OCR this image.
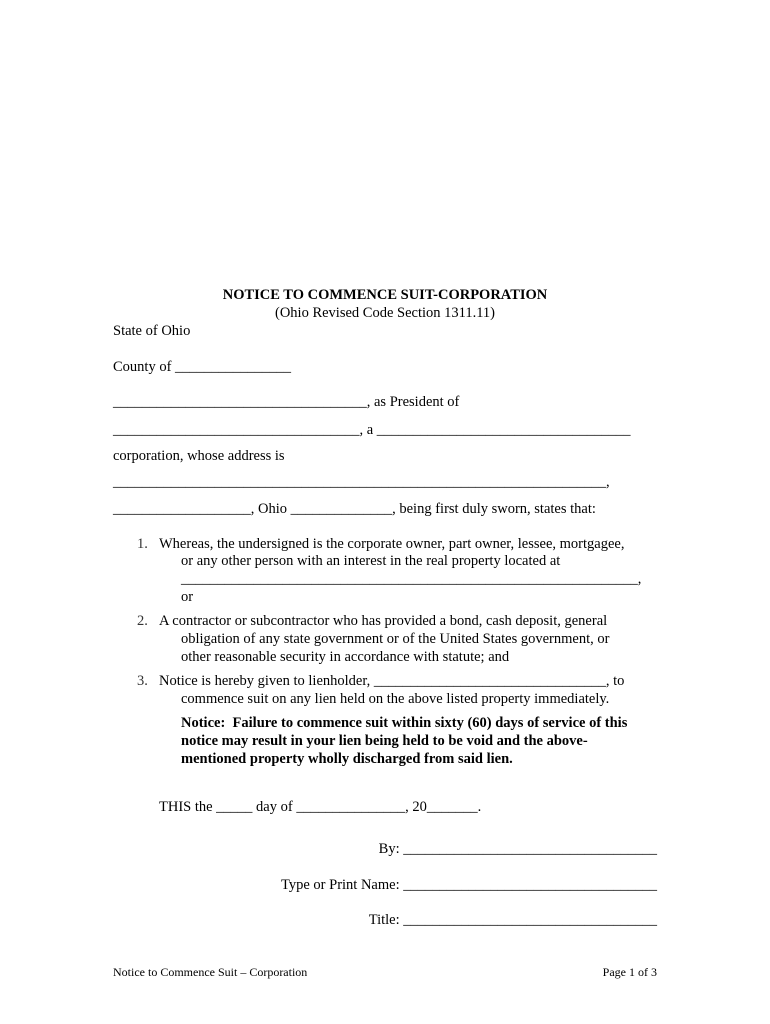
NOTICE TO COMMENCE SUIT-CORPORATION
(Ohio Revised Code Section 1311.11)
State of Ohio
County of ________________
___________________________________, as President of
__________________________________, a ___________________________________
corporation, whose address is
____________________________________________________________________,
___________________, Ohio ______________, being first duly sworn, states that:
1. Whereas, the undersigned is the corporate owner, part owner, lessee, mortgagee,
or any other person with an interest in the real property located at
_______________________________________________________________,
or
2. A contractor or subcontractor who has provided a bond, cash deposit, general
obligation of any state government or of the United States government, or
other reasonable security in accordance with statute; and
3. Notice is hereby given to lienholder, ________________________________, to
commence suit on any lien held on the above listed property immediately.
Notice:  Failure to commence suit within sixty (60) days of service of this
notice may result in your lien being held to be void and the above-
mentioned property wholly discharged from said lien.
THIS the _____ day of _______________, 20_______.
By: ___________________________________
Type or Print Name: ___________________________________
Title: ___________________________________
Notice to Commence Suit – Corporation	Page 1 of 3
